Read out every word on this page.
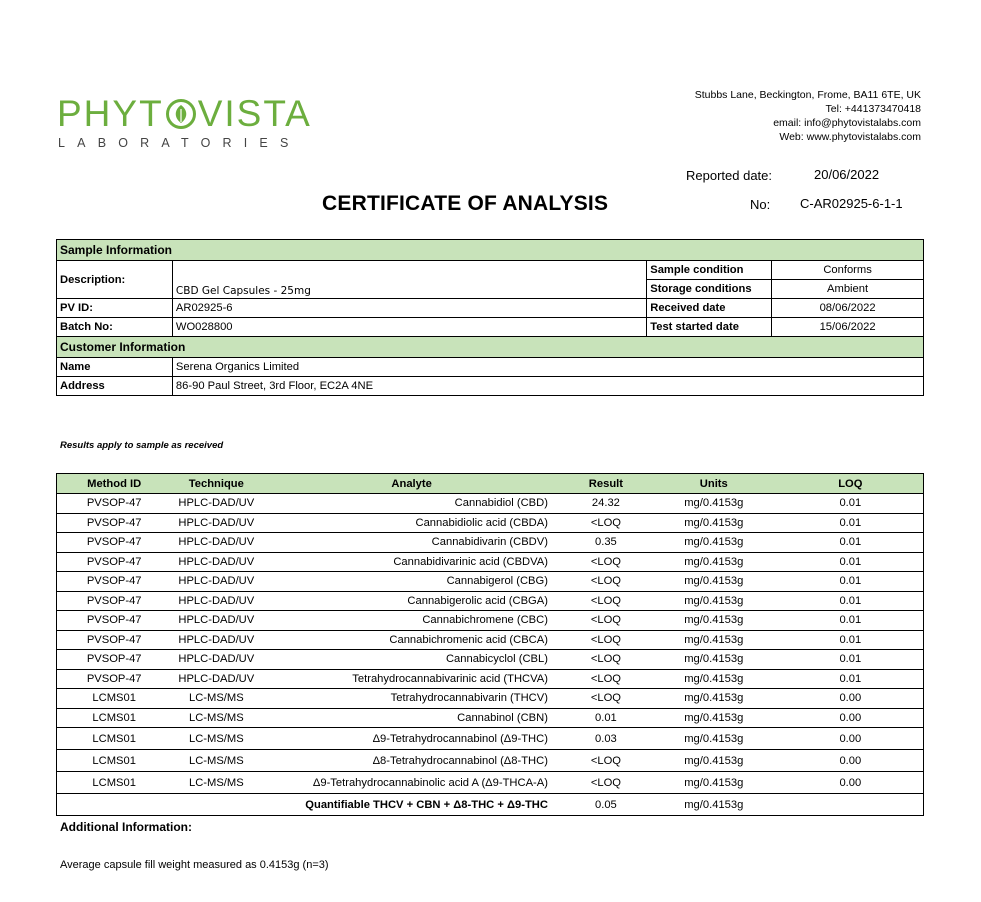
PHYT VISTA
LABORATORIES
Stubbs Lane, Beckington, Frome, BA11 6TE, UK
Tel: +441373470418
email: info@phytovistalabs.com
Web: www.phytovistalabs.com
Reported date:	20/06/2022
No: C-AR02925-6-1-1
CERTIFICATE OF ANALYSIS
Sample Information			
Description:	CBD Gel Capsules - 25mg	Sample condition	Conforms
		Storage conditions	Ambient
PV ID:	AR02925-6	Received date	08/06/2022
Batch No:	WO028800	Test started date	15/06/2022
Customer Information			
Name	Serena Organics Limited		
Address	86-90 Paul Street, 3rd Floor, EC2A 4NE		
Results apply to sample as received
Method ID	Technique	Analyte	Result	Units	LOQ
PVSOP-47	HPLC-DAD/UV	Cannabidiol (CBD)	24.32	mg/0.4153g	0.01
PVSOP-47	HPLC-DAD/UV	Cannabidiolic acid (CBDA)	<LOQ	mg/0.4153g	0.01
PVSOP-47	HPLC-DAD/UV	Cannabidivarin (CBDV)	0.35	mg/0.4153g	0.01
PVSOP-47	HPLC-DAD/UV	Cannabidivarinic acid (CBDVA)	<LOQ	mg/0.4153g	0.01
PVSOP-47	HPLC-DAD/UV	Cannabigerol (CBG)	<LOQ	mg/0.4153g	0.01
PVSOP-47	HPLC-DAD/UV	Cannabigerolic acid (CBGA)	<LOQ	mg/0.4153g	0.01
PVSOP-47	HPLC-DAD/UV	Cannabichromene (CBC)	<LOQ	mg/0.4153g	0.01
PVSOP-47	HPLC-DAD/UV	Cannabichromenic acid (CBCA)	<LOQ	mg/0.4153g	0.01
PVSOP-47	HPLC-DAD/UV	Cannabicyclol (CBL)	<LOQ	mg/0.4153g	0.01
PVSOP-47	HPLC-DAD/UV	Tetrahydrocannabivarinic acid (THCVA)	<LOQ	mg/0.4153g	0.01
LCMS01	LC-MS/MS	Tetrahydrocannabivarin (THCV)	<LOQ	mg/0.4153g	0.00
LCMS01	LC-MS/MS	Cannabinol (CBN)	0.01	mg/0.4153g	0.00
LCMS01	LC-MS/MS	Δ9-Tetrahydrocannabinol (Δ9-THC)	0.03	mg/0.4153g	0.00
LCMS01	LC-MS/MS	Δ8-Tetrahydrocannabinol (Δ8-THC)	<LOQ	mg/0.4153g	0.00
LCMS01	LC-MS/MS	Δ9-Tetrahydrocannabinolic acid A (Δ9-THCA-A)	<LOQ	mg/0.4153g	0.00
		Quantifiable THCV + CBN + Δ8-THC + Δ9-THC	0.05	mg/0.4153g	
Additional Information:
Average capsule fill weight measured as 0.4153g (n=3)
